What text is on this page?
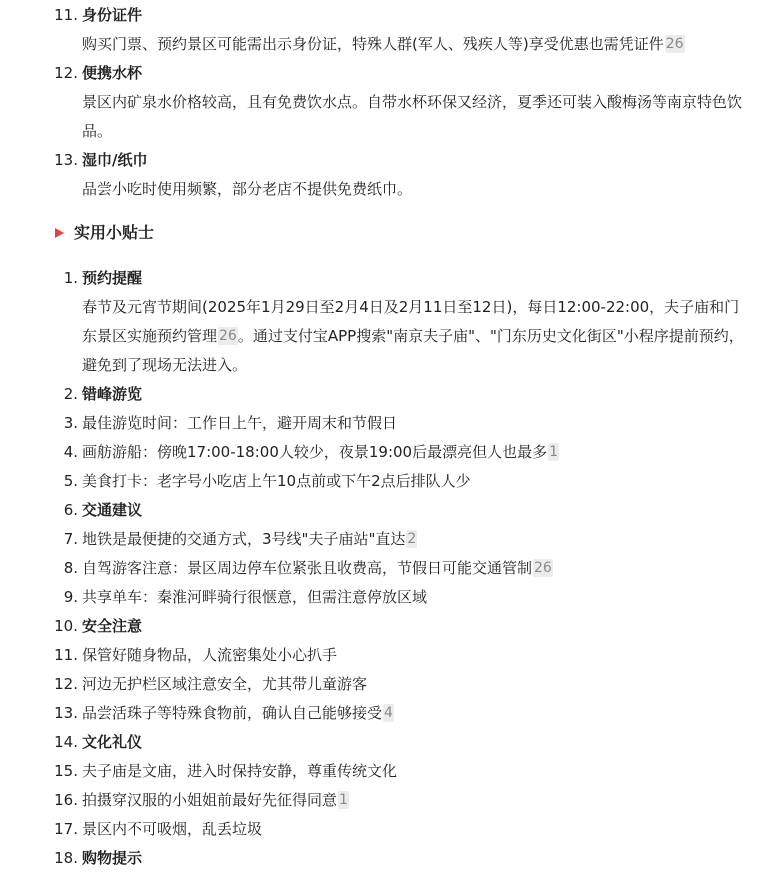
11. 身份证件
购买门票、预约景区可能需出示身份证，特殊人群(军人、残疾人等)享受优惠也需凭证件 26
12. 便携水杯
景区内矿泉水价格较高，且有免费饮水点。自带水杯环保又经济，夏季还可装入酸梅汤等南京特色饮品。
13. 湿巾/纸巾
品尝小吃时使用频繁，部分老店不提供免费纸巾。
实用小贴士
1. 预约提醒
春节及元宵节期间(2025年1月29日至2月4日及2月11日至12日)，每日12:00-22:00，夫子庙和门东景区实施预约管理 26。通过支付宝APP搜索"南京夫子庙"、"门东历史文化街区"小程序提前预约，避免到了现场无法进入。
2. 错峰游览
3. 最佳游览时间：工作日上午，避开周末和节假日
4. 画舫游船：傍晚17:00-18:00人较少，夜景19:00后最漂亮但人也最多 1
5. 美食打卡：老字号小吃店上午10点前或下午2点后排队人少
6. 交通建议
7. 地铁是最便捷的交通方式，3号线"夫子庙站"直达 2
8. 自驾游客注意：景区周边停车位紧张且收费高，节假日可能交通管制 26
9. 共享单车：秦淮河畔骑行很惬意，但需注意停放区域
10. 安全注意
11. 保管好随身物品，人流密集处小心扒手
12. 河边无护栏区域注意安全，尤其带儿童游客
13. 品尝活珠子等特殊食物前，确认自己能够接受 4
14. 文化礼仪
15. 夫子庙是文庙，进入时保持安静，尊重传统文化
16. 拍摄穿汉服的小姐姐前最好先征得同意 1
17. 景区内不可吸烟，乱丢垃圾
18. 购物提示
